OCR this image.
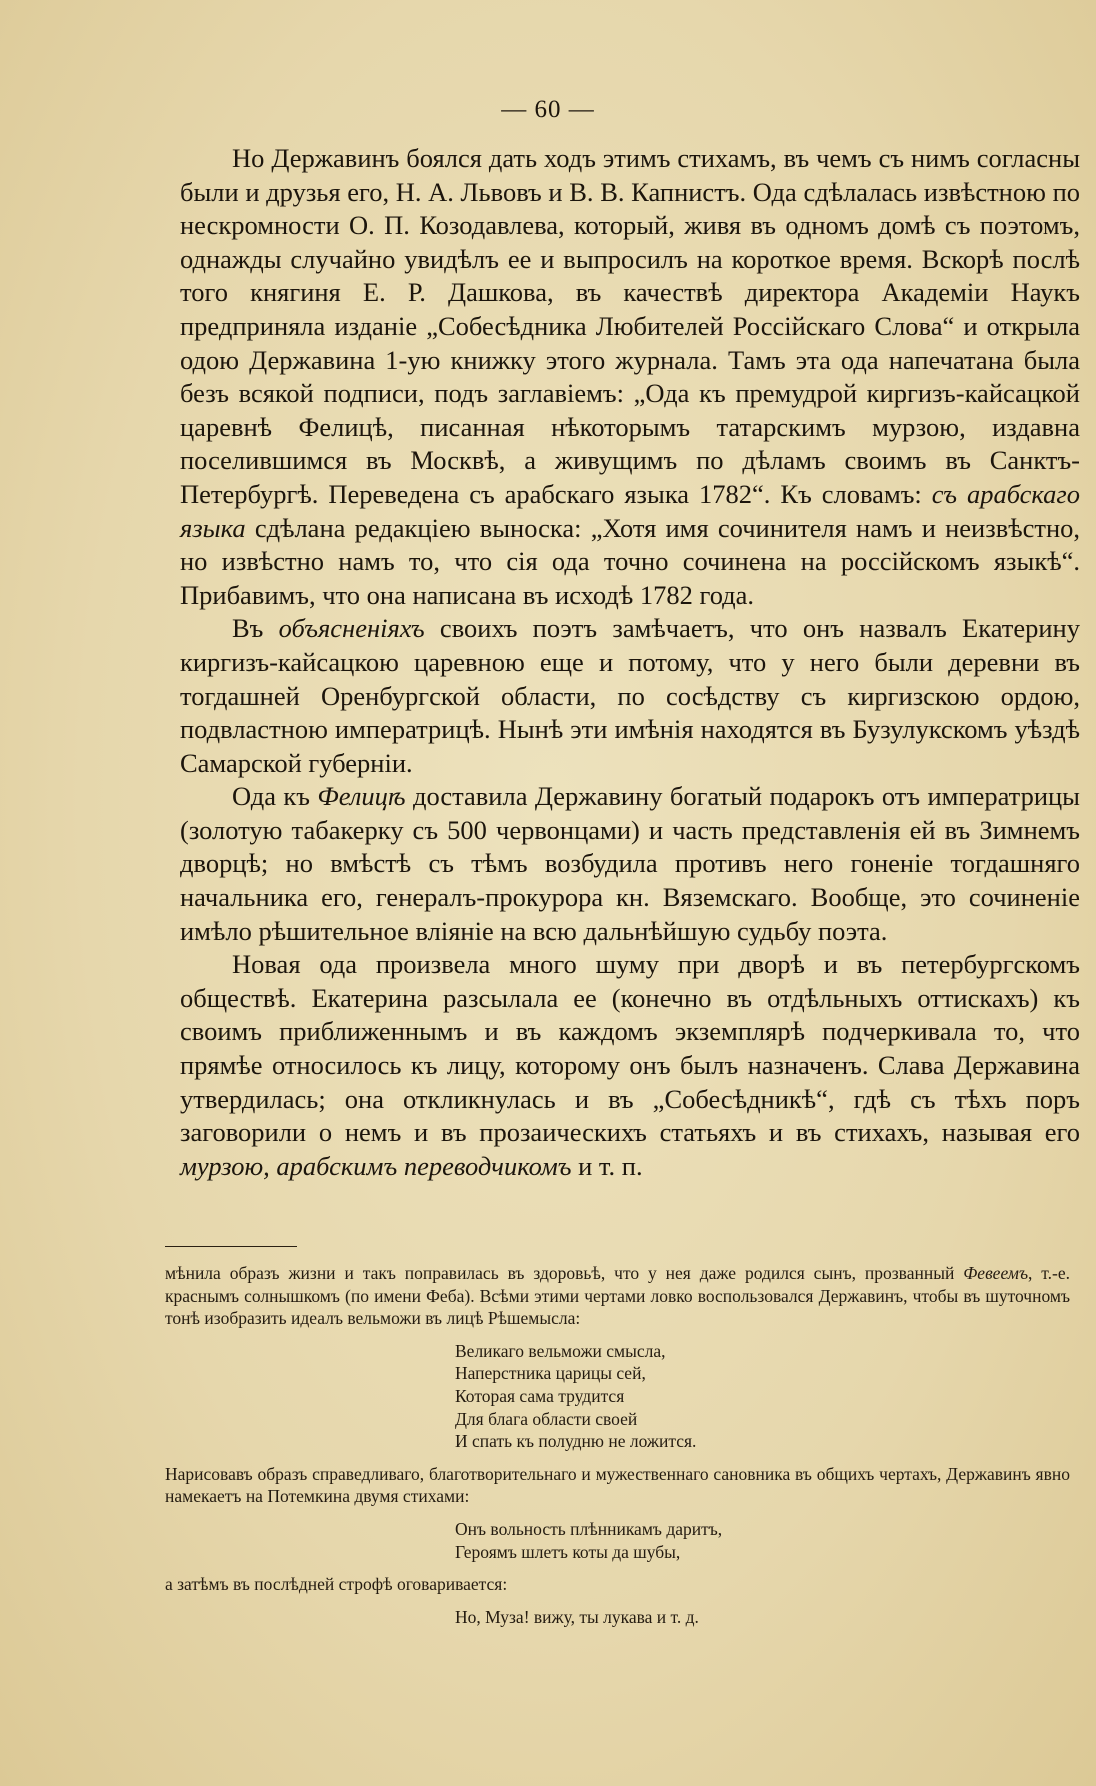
— 60 —

Но Державинъ боялся дать ходъ этимъ стихамъ, въ чемъ съ нимъ согласны были и друзья его, Н. А. Львовъ и В. В. Капнистъ. Ода сдѣлалась извѣстною по нескромности О. П. Козодавлева, который, живя въ одномъ домѣ съ поэтомъ, однажды случайно увидѣлъ ее и выпросилъ на короткое время. Вскорѣ послѣ того княгиня Е. Р. Дашкова, въ качествѣ директора Академіи Наукъ предприняла изданіе „Собесѣдника Любителей Россійскаго Слова“ и открыла одою Державина 1-ую книжку этого журнала. Тамъ эта ода напечатана была безъ всякой подписи, подъ заглавіемъ: „Ода къ премудрой киргизъ-кайсацкой царевнѣ Фелицѣ, писанная нѣкоторымъ татарскимъ мурзою, издавна поселившимся въ Москвѣ, а живущимъ по дѣламъ своимъ въ Санктъ-Петербургѣ. Переведена съ арабскаго языка 1782“. Къ словамъ: съ арабскаго языка сдѣлана редакціею выноска: „Хотя имя сочинителя намъ и неизвѣстно, но извѣстно намъ то, что сія ода точно сочинена на россійскомъ языкѣ“. Прибавимъ, что она написана въ исходѣ 1782 года.

Въ объясненіяхъ своихъ поэтъ замѣчаетъ, что онъ назвалъ Екатерину киргизъ-кайсацкою царевною еще и потому, что у него были деревни въ тогдашней Оренбургской области, по сосѣдству съ киргизскою ордою, подвластною императрицѣ. Нынѣ эти имѣнія находятся въ Бузулукскомъ уѣздѣ Самарской губерніи.

Ода къ Фелицѣ доставила Державину богатый подарокъ отъ императрицы (золотую табакерку съ 500 червонцами) и часть представленія ей въ Зимнемъ дворцѣ; но вмѣстѣ съ тѣмъ возбудила противъ него гоненіе тогдашняго начальника его, генералъ-прокурора кн. Вяземскаго. Вообще, это сочиненіе имѣло рѣшительное вліяніе на всю дальнѣйшую судьбу поэта.

Новая ода произвела много шуму при дворѣ и въ петербургскомъ обществѣ. Екатерина разсылала ее (конечно въ отдѣльныхъ оттискахъ) къ своимъ приближеннымъ и въ каждомъ экземплярѣ подчеркивала то, что прямѣе относилось къ лицу, которому онъ былъ назначенъ. Слава Державина утвердилась; она откликнулась и въ „Собесѣдникѣ“, гдѣ съ тѣхъ поръ заговорили о немъ и въ прозаическихъ статьяхъ и въ стихахъ, называя его мурзою, арабскимъ переводчикомъ и т. п.

мѣнила образъ жизни и такъ поправилась въ здоровьѣ, что у нея даже родился сынъ, прозванный Февеемъ, т.-е. краснымъ солнышкомъ (по имени Феба). Всѣми этими чертами ловко воспользовался Державинъ, чтобы въ шуточномъ тонѣ изобразить идеалъ вельможи въ лицѣ Рѣшемысла:

Великаго вельможи смысла,
Наперстника царицы сей,
Которая сама трудится
Для блага области своей
И спать къ полудню не ложится.

Нарисовавъ образъ справедливаго, благотворительнаго и мужественнаго сановника въ общихъ чертахъ, Державинъ явно намекаетъ на Потемкина двумя стихами:

Онъ вольность плѣнникамъ даритъ,
Героямъ шлетъ коты да шубы,

а затѣмъ въ послѣдней строфѣ оговаривается:

Но, Муза! вижу, ты лукава и т. д.
